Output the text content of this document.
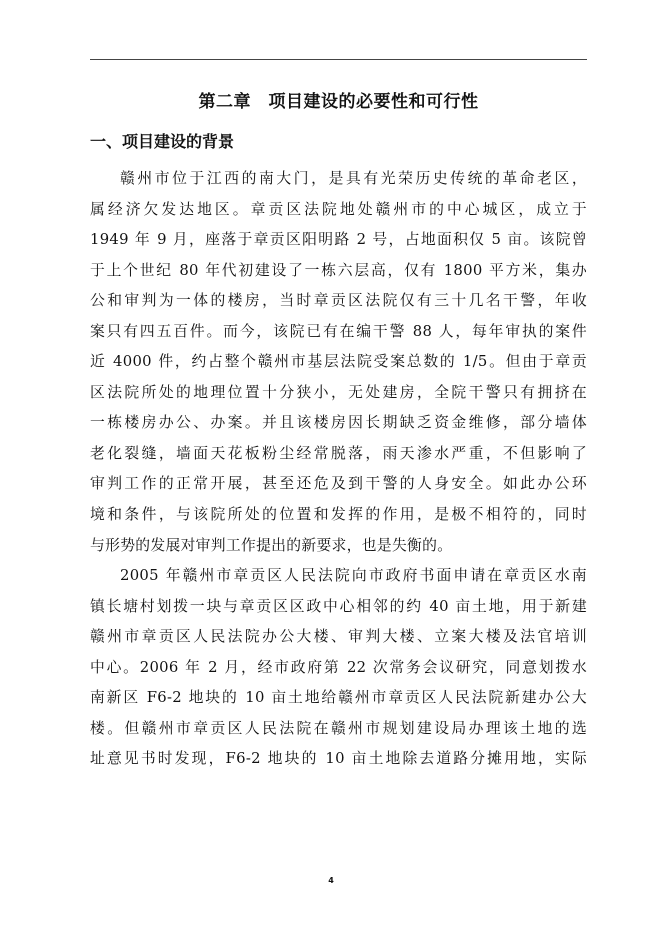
第二章　项目建设的必要性和可行性
一、项目建设的背景
赣州市位于江西的南大门，是具有光荣历史传统的革命老区，
属经济欠发达地区。章贡区法院地处赣州市的中心城区，成立于
1949 年 9 月，座落于章贡区阳明路 2 号，占地面积仅 5 亩。该院曾
于上个世纪 80 年代初建设了一栋六层高，仅有 1800 平方米，集办
公和审判为一体的楼房，当时章贡区法院仅有三十几名干警，年收
案只有四五百件。而今，该院已有在编干警 88 人，每年审执的案件
近 4000 件，约占整个赣州市基层法院受案总数的 1/5。但由于章贡
区法院所处的地理位置十分狭小，无处建房，全院干警只有拥挤在
一栋楼房办公、办案。并且该楼房因长期缺乏资金维修，部分墙体
老化裂缝，墙面天花板粉尘经常脱落，雨天渗水严重，不但影响了
审判工作的正常开展，甚至还危及到干警的人身安全。如此办公环
境和条件，与该院所处的位置和发挥的作用，是极不相符的，同时
与形势的发展对审判工作提出的新要求，也是失衡的。
2005 年赣州市章贡区人民法院向市政府书面申请在章贡区水南
镇长塘村划拨一块与章贡区区政中心相邻的约 40 亩土地，用于新建
赣州市章贡区人民法院办公大楼、审判大楼、立案大楼及法官培训
中心。2006 年 2 月，经市政府第 22 次常务会议研究，同意划拨水
南新区 F6-2 地块的 10 亩土地给赣州市章贡区人民法院新建办公大
楼。但赣州市章贡区人民法院在赣州市规划建设局办理该土地的选
址意见书时发现，F6-2 地块的 10 亩土地除去道路分摊用地，实际
4
